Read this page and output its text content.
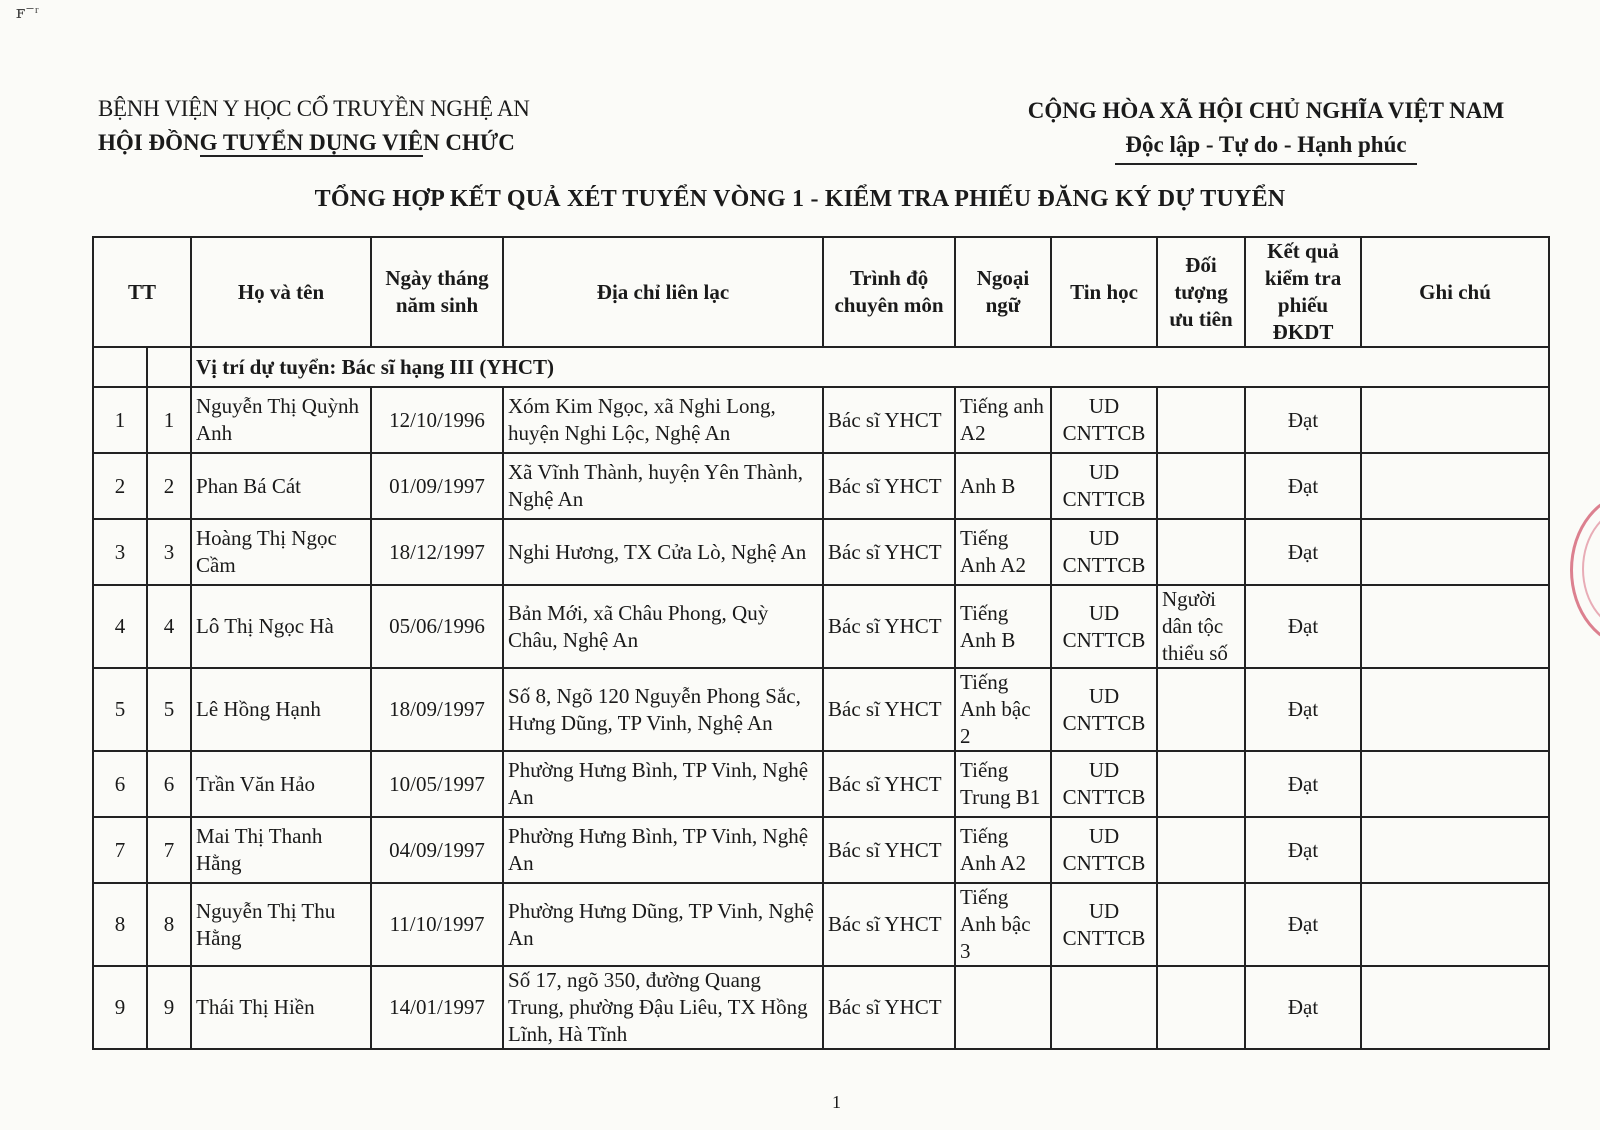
ꜰ⁻ʳ
BỆNH VIỆN Y HỌC CỔ TRUYỀN NGHỆ AN
HỘI ĐỒNG TUYỂN DỤNG VIÊN CHỨC
CỘNG HÒA XÃ HỘI CHỦ NGHĨA VIỆT NAM
Độc lập - Tự do - Hạnh phúc
TỔNG HỢP KẾT QUẢ XÉT TUYỂN VÒNG 1 - KIỂM TRA PHIẾU ĐĂNG KÝ DỰ TUYỂN
TT		Họ và tên	Ngày tháng năm sinh	Địa chỉ liên lạc	Trình độ chuyên môn	Ngoại ngữ	Tin học	Đối tượng ưu tiên	Kết quả kiểm tra phiếu ĐKDT	Ghi chú
		Vị trí dự tuyển: Bác sĩ hạng III (YHCT)								
1	1	Nguyễn Thị Quỳnh Anh	12/10/1996	Xóm Kim Ngọc, xã Nghi Long, huyện Nghi Lộc, Nghệ An	Bác sĩ YHCT	Tiếng anh A2	UD CNTTCB		Đạt	
2	2	Phan Bá Cát	01/09/1997	Xã Vĩnh Thành, huyện Yên Thành, Nghệ An	Bác sĩ YHCT	Anh B	UD CNTTCB		Đạt	
3	3	Hoàng Thị Ngọc Cầm	18/12/1997	Nghi Hương, TX Cửa Lò, Nghệ An	Bác sĩ YHCT	Tiếng Anh A2	UD CNTTCB		Đạt	
4	4	Lô Thị Ngọc Hà	05/06/1996	Bản Mới, xã Châu Phong, Quỳ Châu, Nghệ An	Bác sĩ YHCT	Tiếng Anh B	UD CNTTCB	Người dân tộc thiểu số	Đạt	
5	5	Lê Hồng Hạnh	18/09/1997	Số 8, Ngõ 120 Nguyễn Phong Sắc, Hưng Dũng, TP Vinh, Nghệ An	Bác sĩ YHCT	Tiếng Anh bậc 2	UD CNTTCB		Đạt	
6	6	Trần Văn Hảo	10/05/1997	Phường Hưng Bình, TP Vinh, Nghệ An	Bác sĩ YHCT	Tiếng Trung B1	UD CNTTCB		Đạt	
7	7	Mai Thị Thanh Hằng	04/09/1997	Phường Hưng Bình, TP Vinh, Nghệ An	Bác sĩ YHCT	Tiếng Anh A2	UD CNTTCB		Đạt	
8	8	Nguyễn Thị Thu Hằng	11/10/1997	Phường Hưng Dũng, TP Vinh, Nghệ An	Bác sĩ YHCT	Tiếng Anh bậc 3	UD CNTTCB		Đạt	
9	9	Thái Thị Hiền	14/01/1997	Số 17, ngõ 350, đường Quang Trung, phường Đậu Liêu, TX Hồng Lĩnh, Hà Tĩnh	Bác sĩ YHCT				Đạt	
1
